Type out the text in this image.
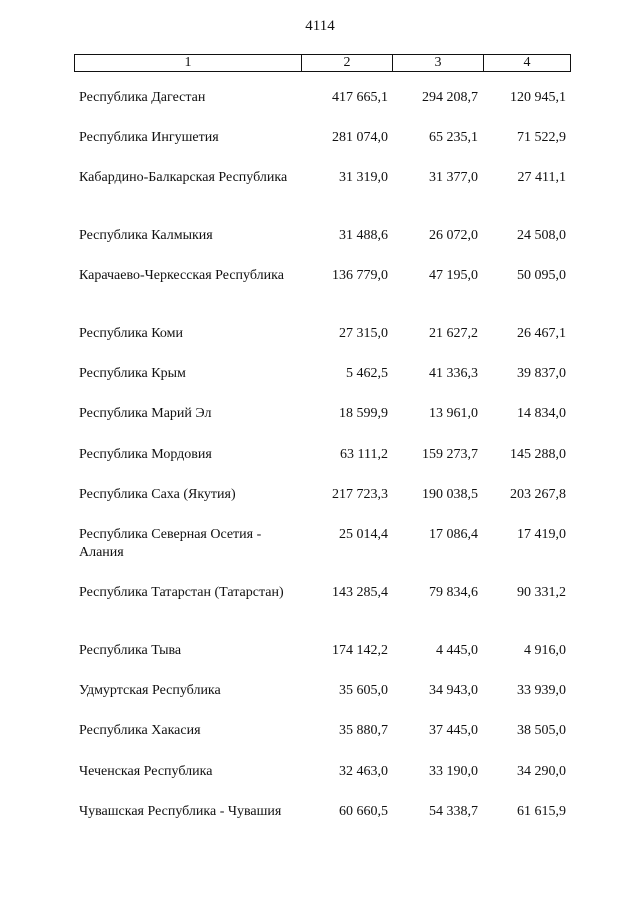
4114
1	2	3	4
Республика Дагестан	417 665,1	294 208,7	120 945,1
Республика Ингушетия	281 074,0	65 235,1	71 522,9
Кабардино-Балкарская Республика	31 319,0	31 377,0	27 411,1
Республика Калмыкия	31 488,6	26 072,0	24 508,0
Карачаево-Черкесская Республика	136 779,0	47 195,0	50 095,0
Республика Коми	27 315,0	21 627,2	26 467,1
Республика Крым	5 462,5	41 336,3	39 837,0
Республика Марий Эл	18 599,9	13 961,0	14 834,0
Республика Мордовия	63 111,2	159 273,7	145 288,0
Республика Саха (Якутия)	217 723,3	190 038,5	203 267,8
Республика Северная Осетия - Алания
25 014,4	17 086,4	17 419,0
Республика Татарстан (Татарстан)	143 285,4	79 834,6	90 331,2
Республика Тыва	174 142,2	4 445,0	4 916,0
Удмуртская Республика	35 605,0	34 943,0	33 939,0
Республика Хакасия	35 880,7	37 445,0	38 505,0
Чеченская Республика	32 463,0	33 190,0	34 290,0
Чувашская Республика - Чувашия	60 660,5	54 338,7	61 615,9
